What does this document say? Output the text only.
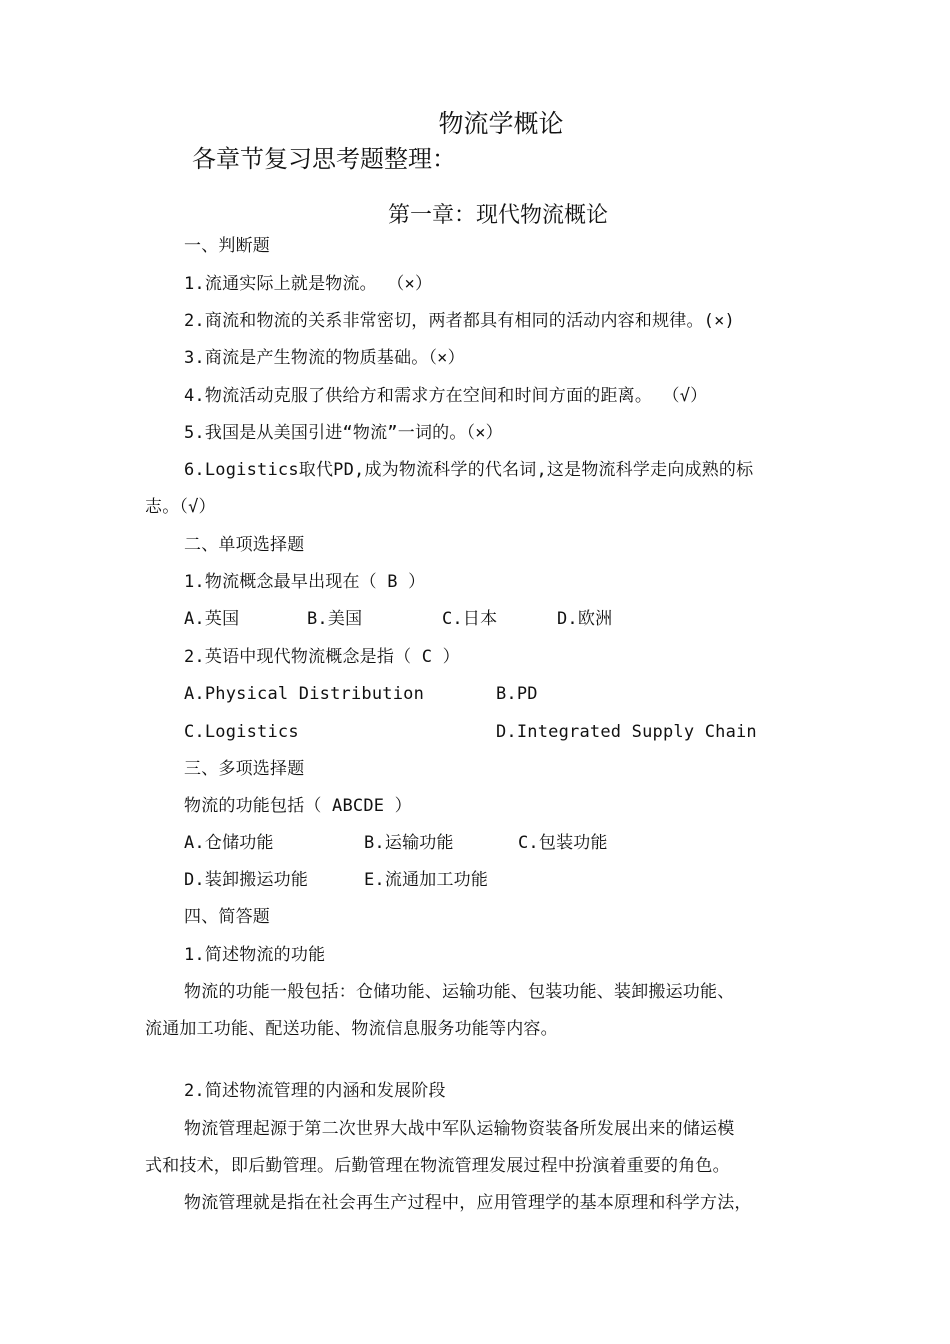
物流学概论
各章节复习思考题整理：
第一章：现代物流概论
一、判断题
1.流通实际上就是物流。 （×）
2.商流和物流的关系非常密切，两者都具有相同的活动内容和规律。(×)
3.商流是产生物流的物质基础。（×）
4.物流活动克服了供给方和需求方在空间和时间方面的距离。 （√）
5.我国是从美国引进“物流”一词的。（×）
6.Logistics取代PD,成为物流科学的代名词,这是物流科学走向成熟的标
志。（√）
二、单项选择题
1.物流概念最早出现在（ B ）
A.英国	B.美国	C.日本	D.欧洲
2.英语中现代物流概念是指（ C ）
A.Physical Distribution	B.PD
C.Logistics	D.Integrated Supply Chain
三、多项选择题
物流的功能包括（ ABCDE ）
A.仓储功能	B.运输功能	C.包装功能
D.装卸搬运功能	E.流通加工功能
四、简答题
1.简述物流的功能
物流的功能一般包括：仓储功能、运输功能、包装功能、装卸搬运功能、
流通加工功能、配送功能、物流信息服务功能等内容。
2.简述物流管理的内涵和发展阶段
物流管理起源于第二次世界大战中军队运输物资装备所发展出来的储运模
式和技术，即后勤管理。后勤管理在物流管理发展过程中扮演着重要的角色。
物流管理就是指在社会再生产过程中，应用管理学的基本原理和科学方法，
